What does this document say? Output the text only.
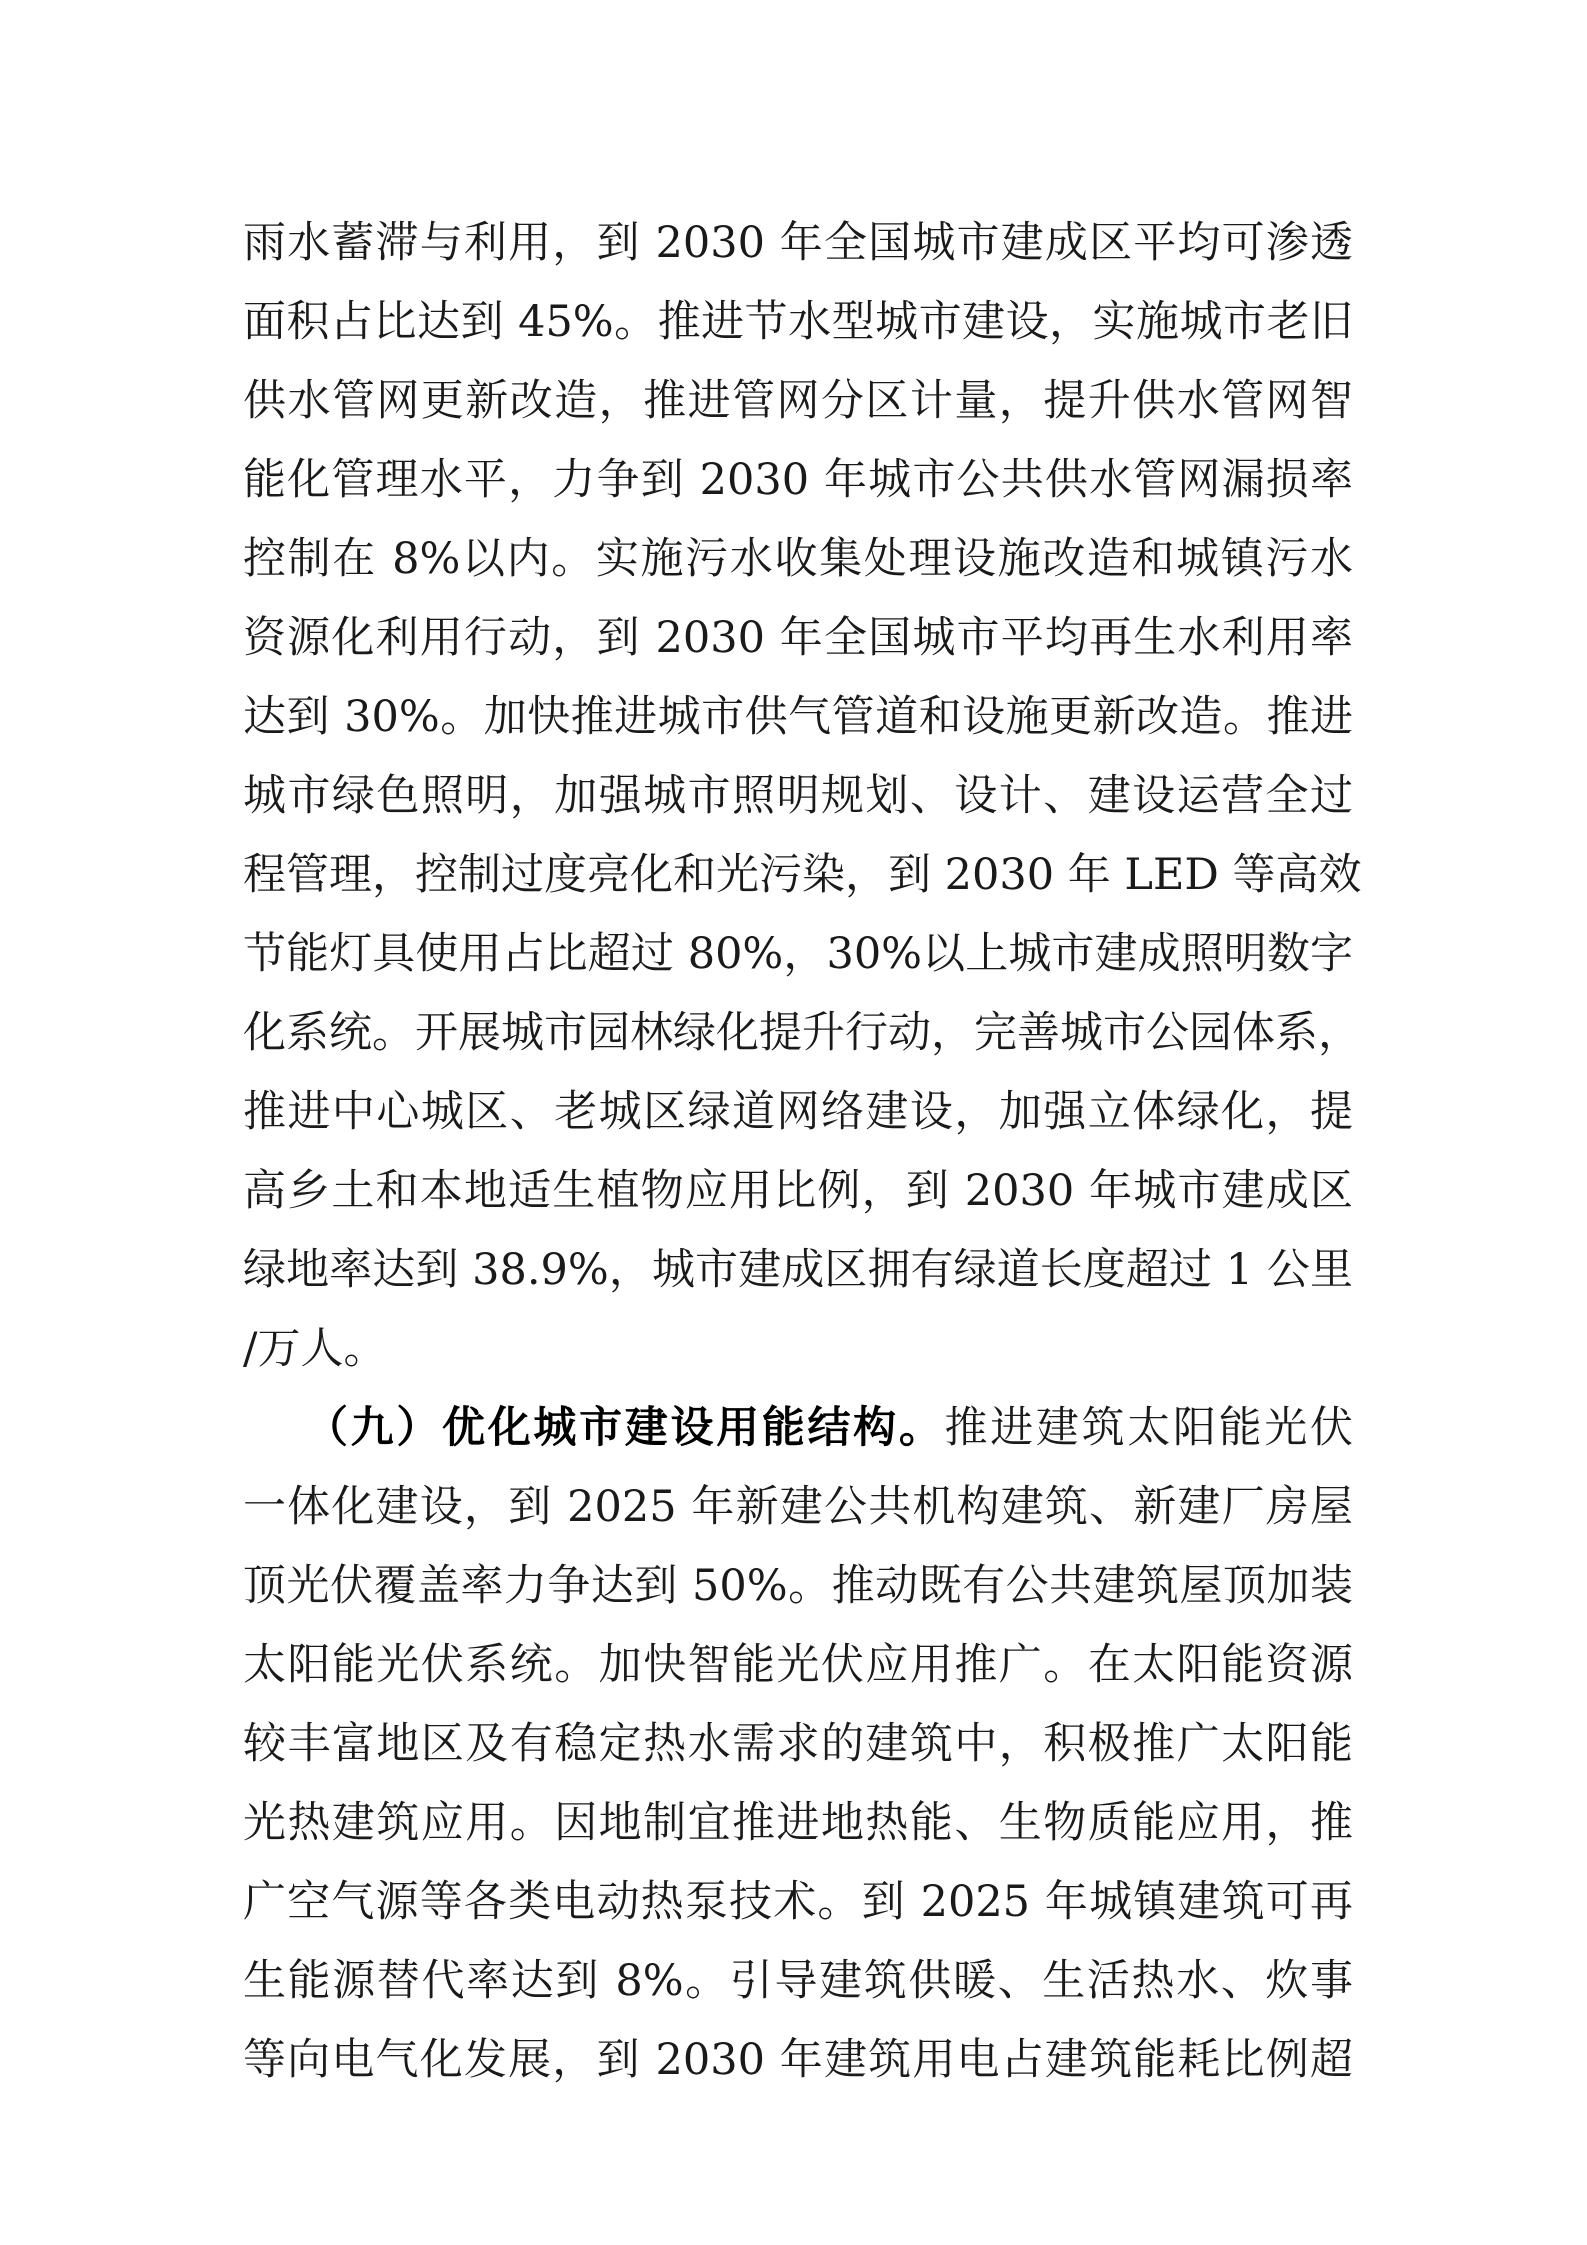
雨水蓄滞与利用，到 2030 年全国城市建成区平均可渗透
面积占比达到 45%。推进节水型城市建设，实施城市老旧
供水管网更新改造，推进管网分区计量，提升供水管网智
能化管理水平，力争到 2030 年城市公共供水管网漏损率
控制在 8%以内。实施污水收集处理设施改造和城镇污水
资源化利用行动，到 2030 年全国城市平均再生水利用率
达到 30%。加快推进城市供气管道和设施更新改造。推进
城市绿色照明，加强城市照明规划、设计、建设运营全过
程管理，控制过度亮化和光污染，到 2030 年 LED 等高效
节能灯具使用占比超过 80%，30%以上城市建成照明数字
化系统。开展城市园林绿化提升行动，完善城市公园体系，
推进中心城区、老城区绿道网络建设，加强立体绿化，提
高乡土和本地适生植物应用比例，到 2030 年城市建成区
绿地率达到 38.9%，城市建成区拥有绿道长度超过 1 公里
/万人。
（九）优化城市建设用能结构。推进建筑太阳能光伏
一体化建设，到 2025 年新建公共机构建筑、新建厂房屋
顶光伏覆盖率力争达到 50%。推动既有公共建筑屋顶加装
太阳能光伏系统。加快智能光伏应用推广。在太阳能资源
较丰富地区及有稳定热水需求的建筑中，积极推广太阳能
光热建筑应用。因地制宜推进地热能、生物质能应用，推
广空气源等各类电动热泵技术。到 2025 年城镇建筑可再
生能源替代率达到 8%。引导建筑供暖、生活热水、炊事
等向电气化发展，到 2030 年建筑用电占建筑能耗比例超
